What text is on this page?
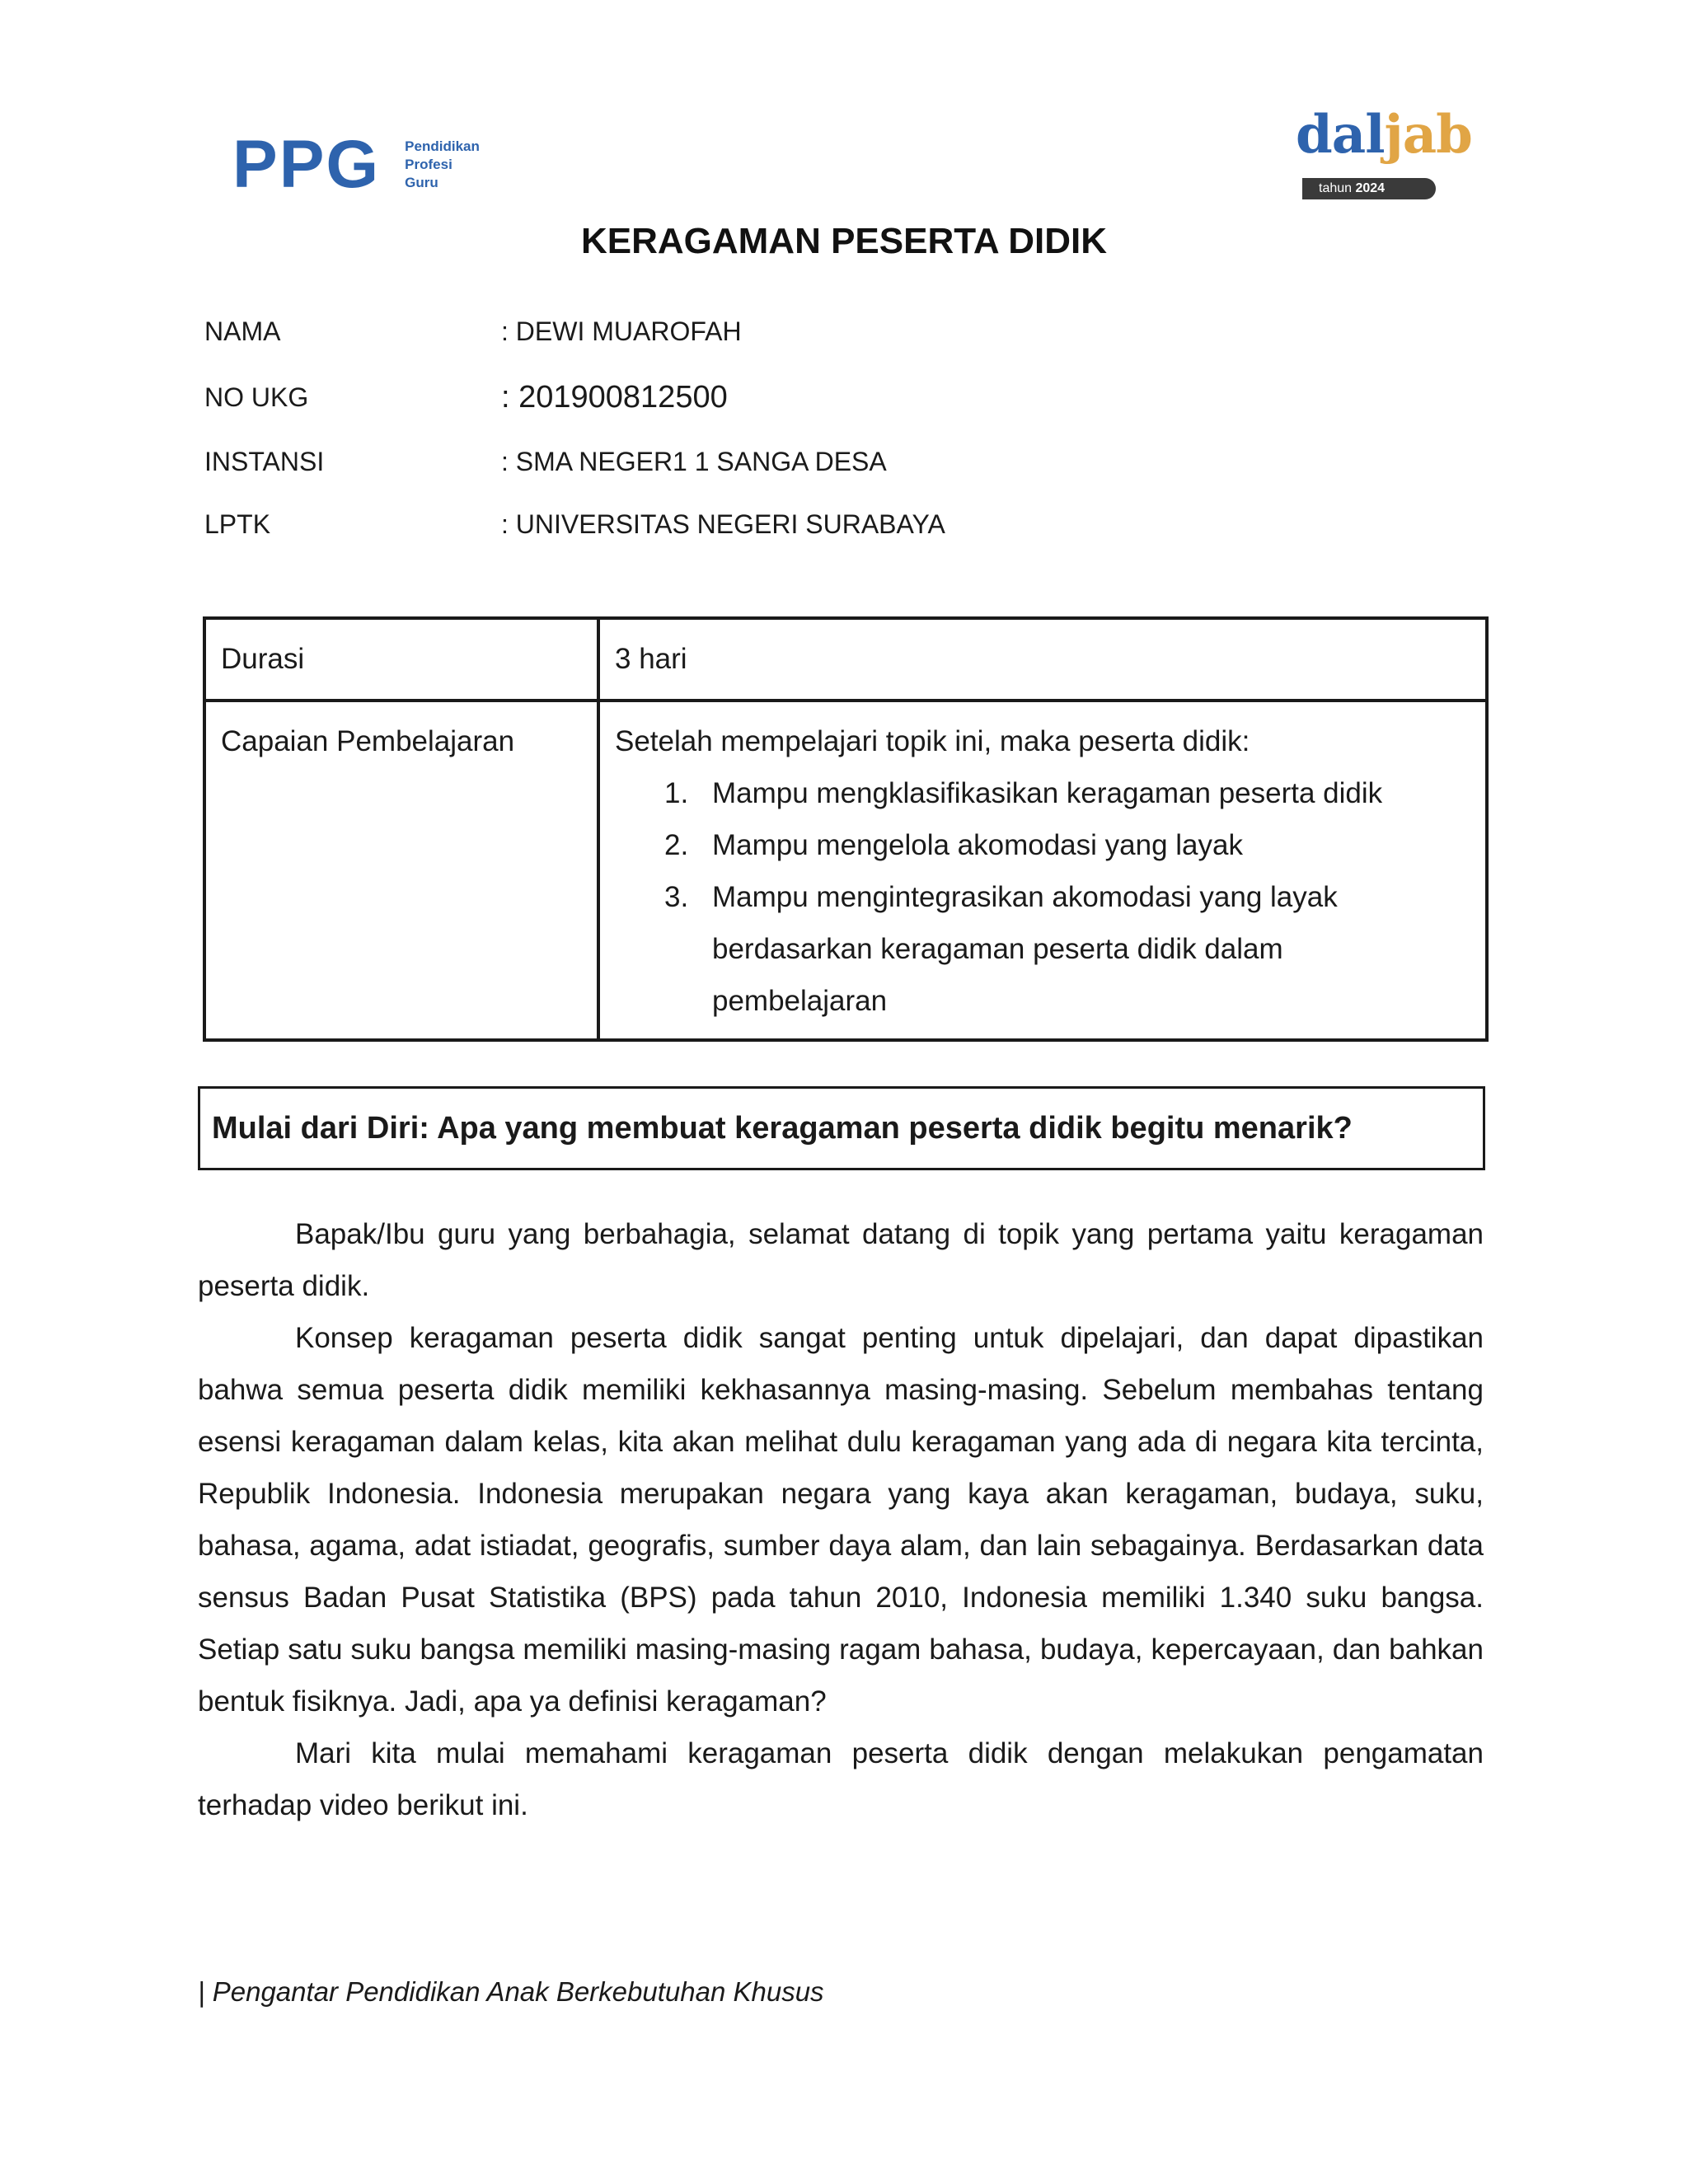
PPG Pendidikan
Profesi
Guru
daljab
tahun 2024
KERAGAMAN PESERTA DIDIK
NAMA	: DEWI MUAROFAH
NO UKG	: 201900812500
INSTANSI	: SMA NEGER1 1 SANGA DESA
LPTK	: UNIVERSITAS NEGERI SURABAYA
Durasi	3 hari
Capaian Pembelajaran	Setelah mempelajari topik ini, maka peserta didik:
1. Mampu mengklasifikasikan keragaman peserta didik
2. Mampu mengelola akomodasi yang layak
3. Mampu mengintegrasikan akomodasi yang layak
berdasarkan keragaman peserta didik dalam
pembelajaran
Mulai dari Diri: Apa yang membuat keragaman peserta didik begitu menarik?

Bapak/Ibu guru yang berbahagia, selamat datang di topik yang pertama yaitu keragaman peserta didik.

Konsep keragaman peserta didik sangat penting untuk dipelajari, dan dapat dipastikan bahwa semua peserta didik memiliki kekhasannya masing-masing. Sebelum membahas tentang esensi keragaman dalam kelas, kita akan melihat dulu keragaman yang ada di negara kita tercinta, Republik Indonesia. Indonesia merupakan negara yang kaya akan keragaman, budaya, suku, bahasa, agama, adat istiadat, geografis, sumber daya alam, dan lain sebagainya. Berdasarkan data sensus Badan Pusat Statistika (BPS) pada tahun 2010, Indonesia memiliki 1.340 suku bangsa. Setiap satu suku bangsa memiliki masing-masing ragam bahasa, budaya, kepercayaan, dan bahkan bentuk fisiknya. Jadi, apa ya definisi keragaman?

Mari kita mulai memahami keragaman peserta didik dengan melakukan pengamatan terhadap video berikut ini.

| Pengantar Pendidikan Anak Berkebutuhan Khusus
